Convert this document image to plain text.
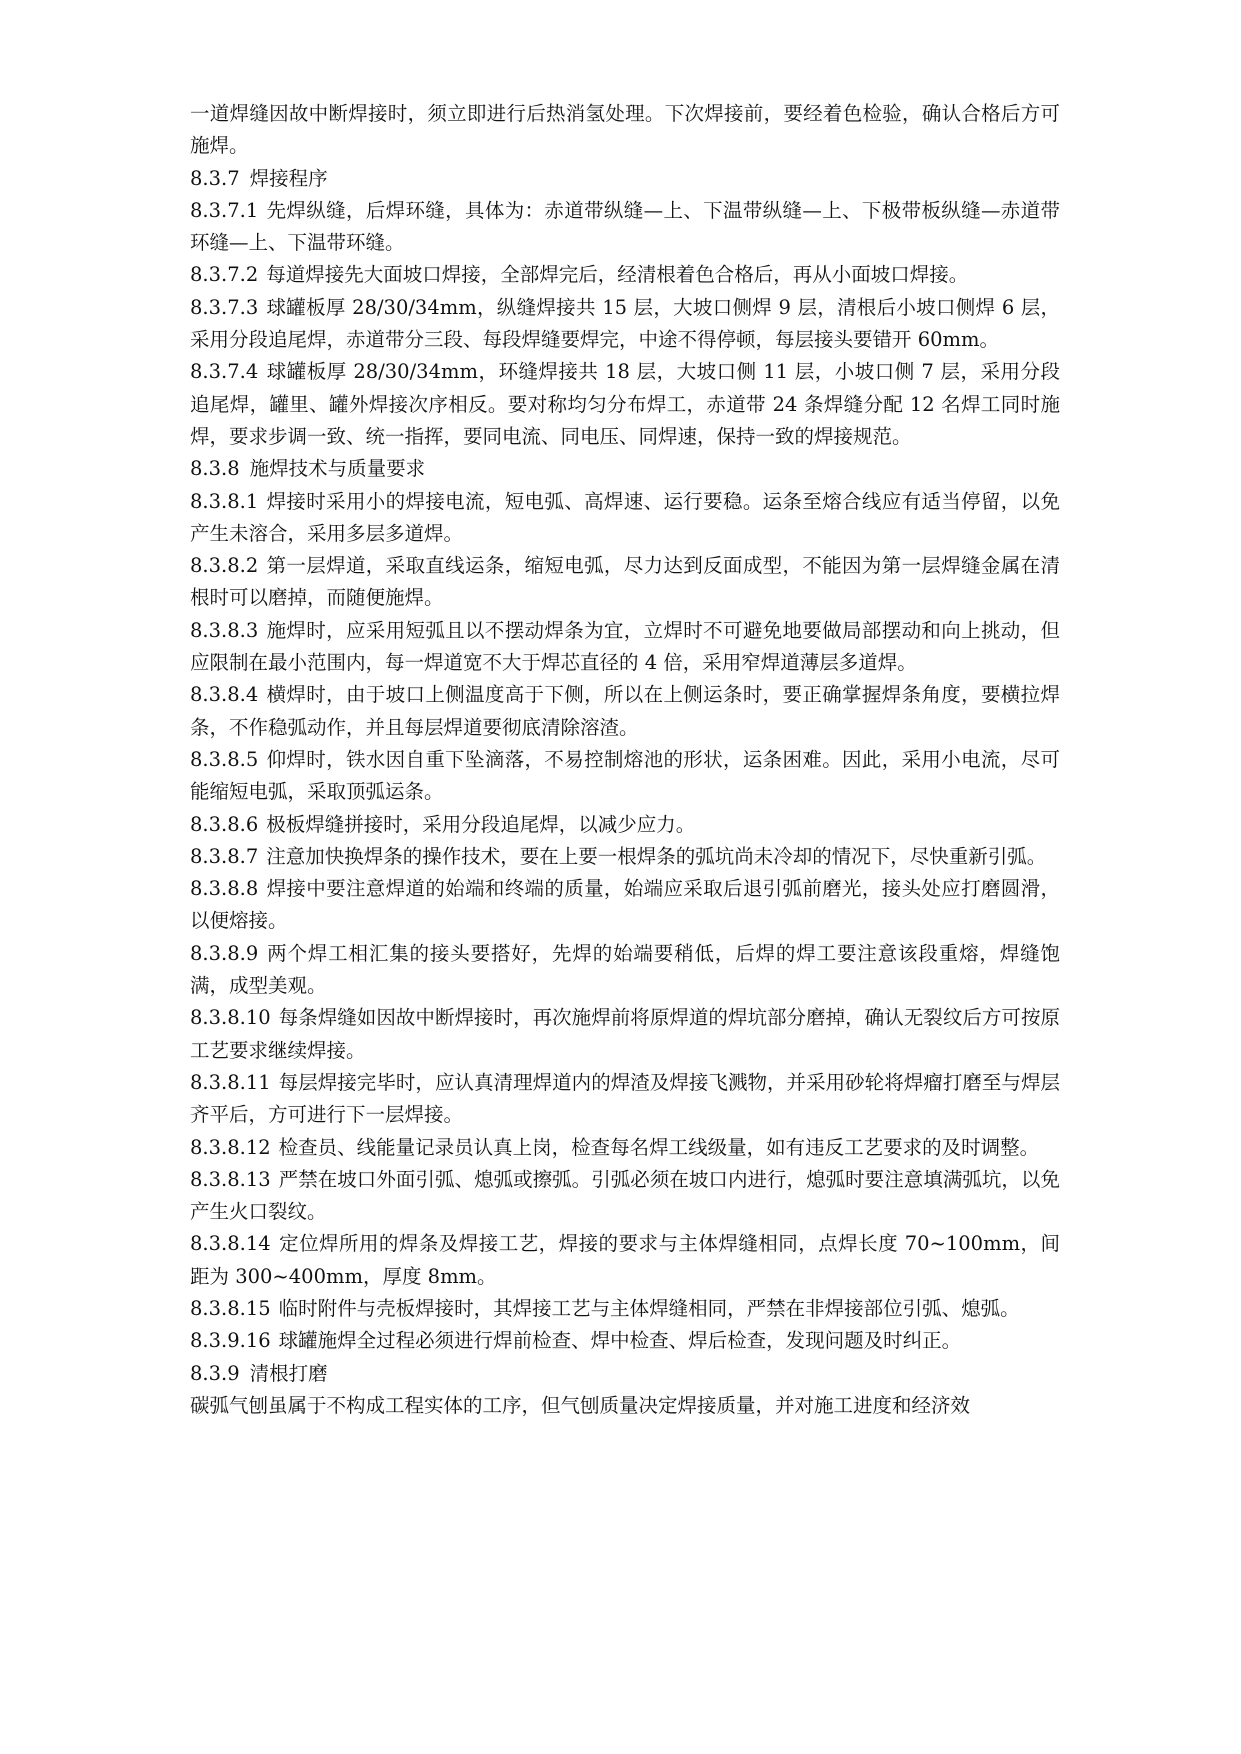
一道焊缝因故中断焊接时，须立即进行后热消氢处理。下次焊接前，要经着色检验，确认合格后方可施焊。

8.3.7 焊接程序

8.3.7.1 先焊纵缝，后焊环缝，具体为：赤道带纵缝—上、下温带纵缝—上、下极带板纵缝—赤道带环缝—上、下温带环缝。

8.3.7.2 每道焊接先大面坡口焊接，全部焊完后，经清根着色合格后，再从小面坡口焊接。

8.3.7.3 球罐板厚 28/30/34mm，纵缝焊接共 15 层，大坡口侧焊 9 层，清根后小坡口侧焊 6 层，采用分段追尾焊，赤道带分三段、每段焊缝要焊完，中途不得停顿，每层接头要错开 60mm。

8.3.7.4 球罐板厚 28/30/34mm，环缝焊接共 18 层，大坡口侧 11 层，小坡口侧 7 层，采用分段追尾焊，罐里、罐外焊接次序相反。要对称均匀分布焊工，赤道带 24 条焊缝分配 12 名焊工同时施焊，要求步调一致、统一指挥，要同电流、同电压、同焊速，保持一致的焊接规范。

8.3.8 施焊技术与质量要求

8.3.8.1 焊接时采用小的焊接电流，短电弧、高焊速、运行要稳。运条至熔合线应有适当停留，以免产生未溶合，采用多层多道焊。

8.3.8.2 第一层焊道，采取直线运条，缩短电弧，尽力达到反面成型，不能因为第一层焊缝金属在清根时可以磨掉，而随便施焊。

8.3.8.3 施焊时，应采用短弧且以不摆动焊条为宜，立焊时不可避免地要做局部摆动和向上挑动，但应限制在最小范围内，每一焊道宽不大于焊芯直径的 4 倍，采用窄焊道薄层多道焊。

8.3.8.4 横焊时，由于坡口上侧温度高于下侧，所以在上侧运条时，要正确掌握焊条角度，要横拉焊条，不作稳弧动作，并且每层焊道要彻底清除溶渣。

8.3.8.5 仰焊时，铁水因自重下坠滴落，不易控制熔池的形状，运条困难。因此，采用小电流，尽可能缩短电弧，采取顶弧运条。

8.3.8.6 极板焊缝拼接时，采用分段追尾焊，以减少应力。

8.3.8.7 注意加快换焊条的操作技术，要在上要一根焊条的弧坑尚未冷却的情况下，尽快重新引弧。

8.3.8.8 焊接中要注意焊道的始端和终端的质量，始端应采取后退引弧前磨光，接头处应打磨圆滑，以便熔接。

8.3.8.9 两个焊工相汇集的接头要搭好，先焊的始端要稍低，后焊的焊工要注意该段重熔，焊缝饱满，成型美观。

8.3.8.10 每条焊缝如因故中断焊接时，再次施焊前将原焊道的焊坑部分磨掉，确认无裂纹后方可按原工艺要求继续焊接。

8.3.8.11 每层焊接完毕时，应认真清理焊道内的焊渣及焊接飞溅物，并采用砂轮将焊瘤打磨至与焊层齐平后，方可进行下一层焊接。

8.3.8.12 检查员、线能量记录员认真上岗，检查每名焊工线级量，如有违反工艺要求的及时调整。

8.3.8.13 严禁在坡口外面引弧、熄弧或擦弧。引弧必须在坡口内进行，熄弧时要注意填满弧坑，以免产生火口裂纹。

8.3.8.14 定位焊所用的焊条及焊接工艺，焊接的要求与主体焊缝相同，点焊长度 70~100mm，间距为 300~400mm，厚度 8mm。

8.3.8.15 临时附件与壳板焊接时，其焊接工艺与主体焊缝相同，严禁在非焊接部位引弧、熄弧。

8.3.9.16 球罐施焊全过程必须进行焊前检查、焊中检查、焊后检查，发现问题及时纠正。

8.3.9 清根打磨

碳弧气刨虽属于不构成工程实体的工序，但气刨质量决定焊接质量，并对施工进度和经济效
